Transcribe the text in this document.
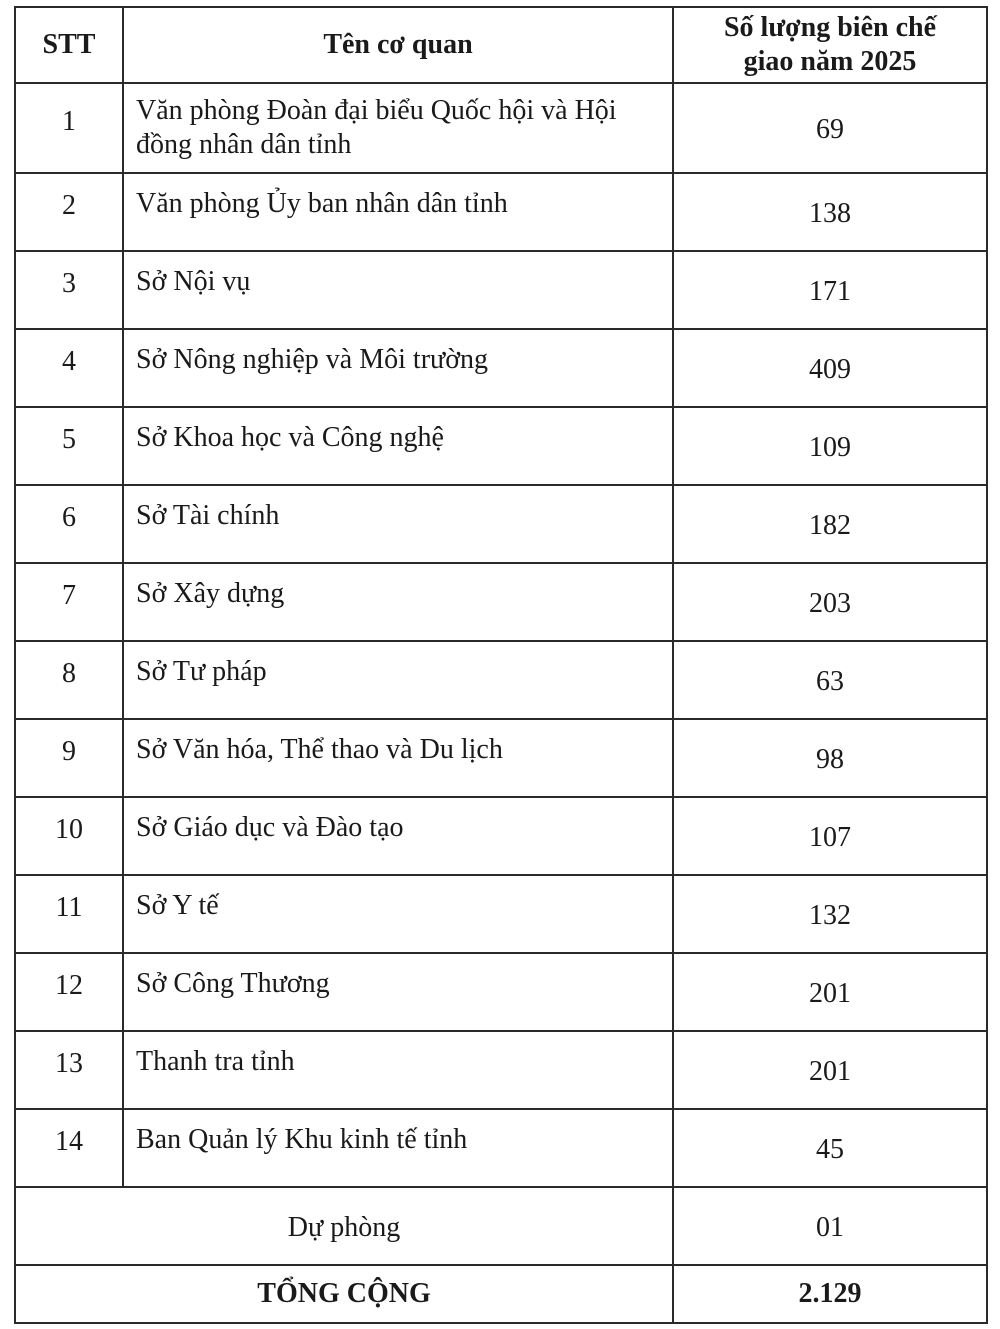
STT	Tên cơ quan	Số lượng biên chế giao năm 2025
1	Văn phòng Đoàn đại biểu Quốc hội và Hội đồng nhân dân tỉnh	69
2	Văn phòng Ủy ban nhân dân tỉnh	138
3	Sở Nội vụ	171
4	Sở Nông nghiệp và Môi trường	409
5	Sở Khoa học và Công nghệ	109
6	Sở Tài chính	182
7	Sở Xây dựng	203
8	Sở Tư pháp	63
9	Sở Văn hóa, Thể thao và Du lịch	98
10	Sở Giáo dục và Đào tạo	107
11	Sở Y tế	132
12	Sở Công Thương	201
13	Thanh tra tỉnh	201
14	Ban Quản lý Khu kinh tế tỉnh	45
Dự phòng		01
TỔNG CỘNG		2.129
